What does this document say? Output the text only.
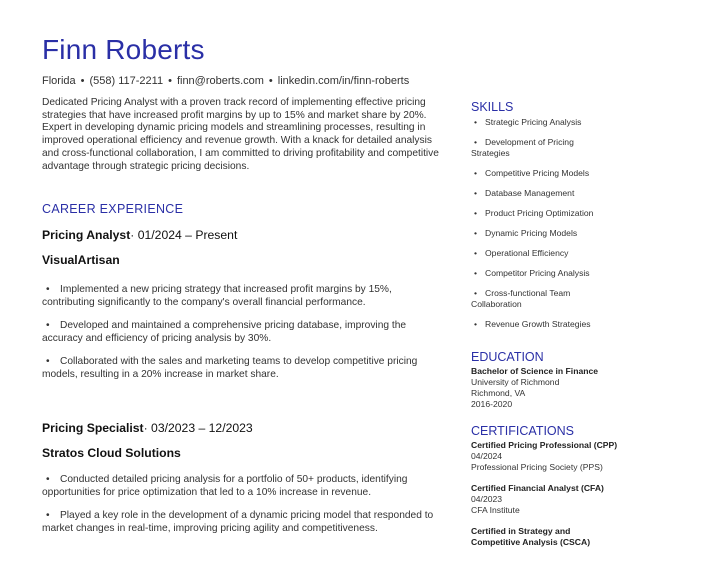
Finn Roberts
Florida • (558) 117-2211 • finn@roberts.com • linkedin.com/in/finn-roberts

Dedicated Pricing Analyst with a proven track record of implementing effective pricing strategies that have increased profit margins by up to 15% and market share by 20%. Expert in developing dynamic pricing models and streamlining processes, resulting in improved operational efficiency and revenue growth. With a knack for detailed analysis and cross-functional collaboration, I am committed to driving profitability and competitive advantage through strategic pricing decisions.

CAREER EXPERIENCE
Pricing Analyst· 01/2024 – Present
VisualArtisan
• Implemented a new pricing strategy that increased profit margins by 15%, contributing significantly to the company's overall financial performance.
• Developed and maintained a comprehensive pricing database, improving the accuracy and efficiency of pricing analysis by 30%.
• Collaborated with the sales and marketing teams to develop competitive pricing models, resulting in a 20% increase in market share.
Pricing Specialist· 03/2023 – 12/2023
Stratos Cloud Solutions
• Conducted detailed pricing analysis for a portfolio of 50+ products, identifying opportunities for price optimization that led to a 10% increase in revenue.
• Played a key role in the development of a dynamic pricing model that responded to market changes in real-time, improving pricing agility and competitiveness.
SKILLS
• Strategic Pricing Analysis
• Development of Pricing Strategies
• Competitive Pricing Models
• Database Management
• Product Pricing Optimization
• Dynamic Pricing Models
• Operational Efficiency
• Competitor Pricing Analysis
• Cross-functional Team Collaboration
• Revenue Growth Strategies
EDUCATION
Bachelor of Science in Finance
University of Richmond
Richmond, VA
2016-2020
CERTIFICATIONS
Certified Pricing Professional (CPP)
04/2024
Professional Pricing Society (PPS)
Certified Financial Analyst (CFA)
04/2023
CFA Institute
Certified in Strategy and Competitive Analysis (CSCA)
